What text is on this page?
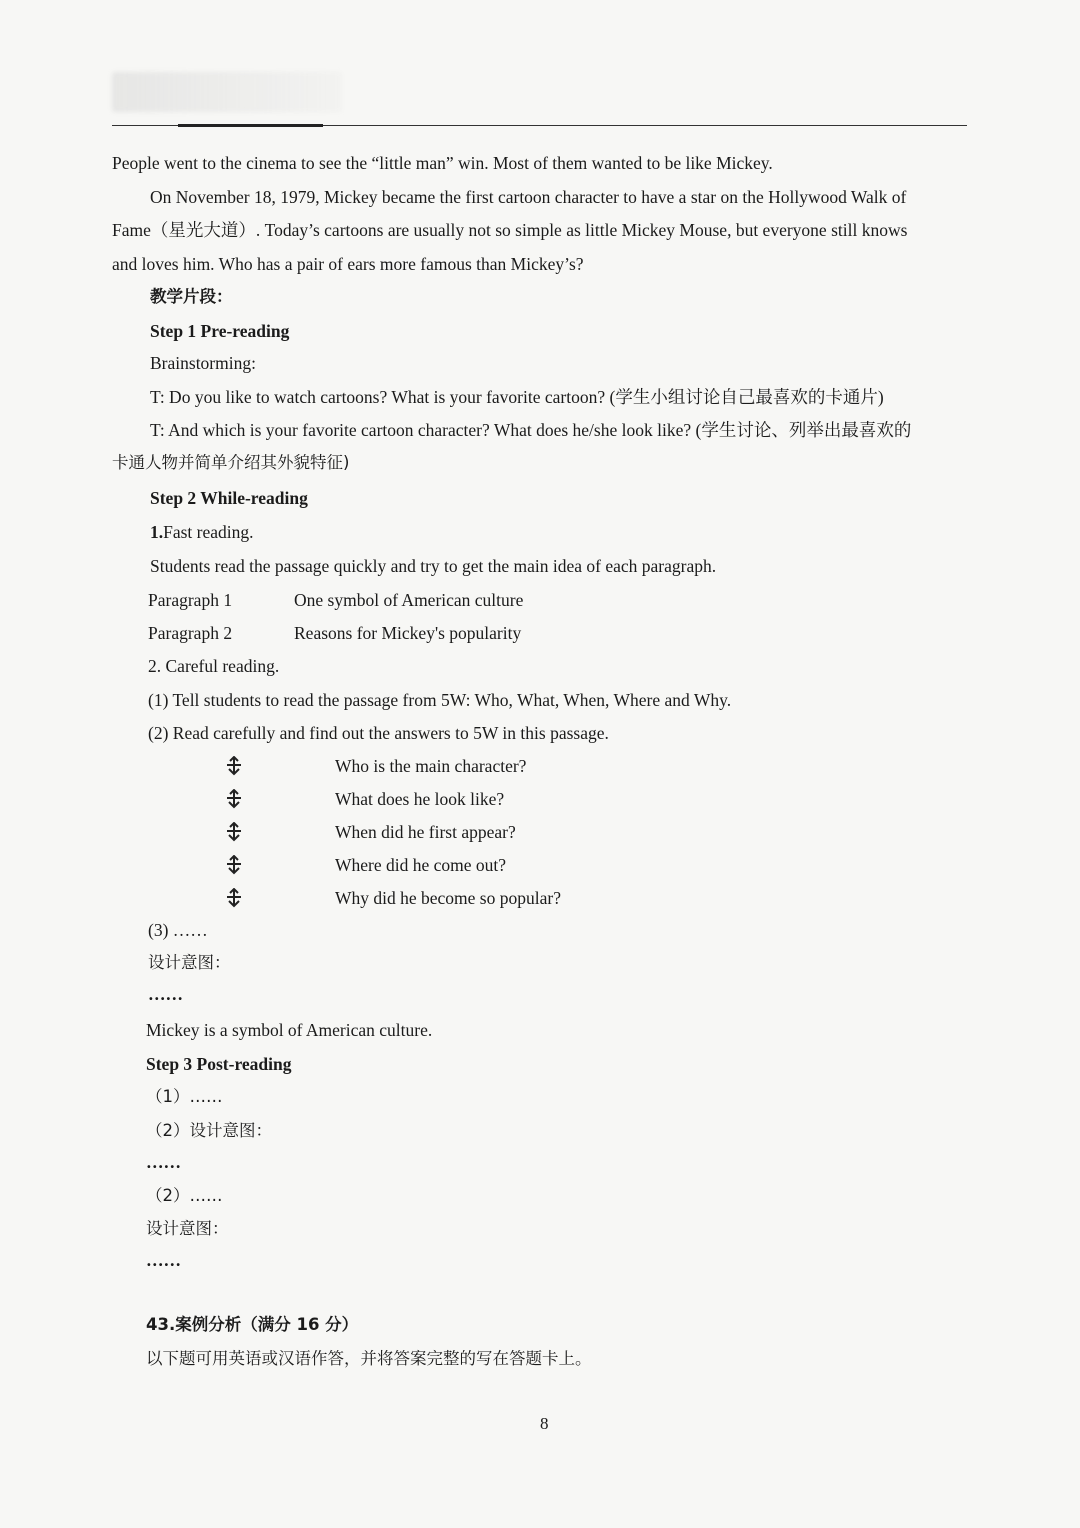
People went to the cinema to see the “little man” win. Most of them wanted to be like Mickey.
On November 18, 1979, Mickey became the first cartoon character to have a star on the Hollywood Walk of
Fame（星光大道）. Today’s cartoons are usually not so simple as little Mickey Mouse, but everyone still knows
and loves him. Who has a pair of ears more famous than Mickey’s?
教学片段：
Step 1 Pre-reading
Brainstorming:
T: Do you like to watch cartoons? What is your favorite cartoon? (学生小组讨论自己最喜欢的卡通片)
T: And which is your favorite cartoon character? What does he/she look like? (学生讨论、列举出最喜欢的
卡通人物并简单介绍其外貌特征)
Step 2 While-reading
1.Fast reading.
Students read the passage quickly and try to get the main idea of each paragraph.
Paragraph 1	One symbol of American culture
Paragraph 2	Reasons for Mickey's popularity
2. Careful reading.
(1) Tell students to read the passage from 5W: Who, What, When, Where and Why.
(2) Read carefully and find out the answers to 5W in this passage.
Who is the main character?
What does he look like?
When did he first appear?
Where did he come out?
Why did he become so popular?
(3) ……
设计意图：
……
Mickey is a symbol of American culture.
Step 3 Post-reading
（1）……
（2）设计意图：
……
（2）……
设计意图：
……
43.案例分析（满分 16 分）
以下题可用英语或汉语作答，并将答案完整的写在答题卡上。
8
